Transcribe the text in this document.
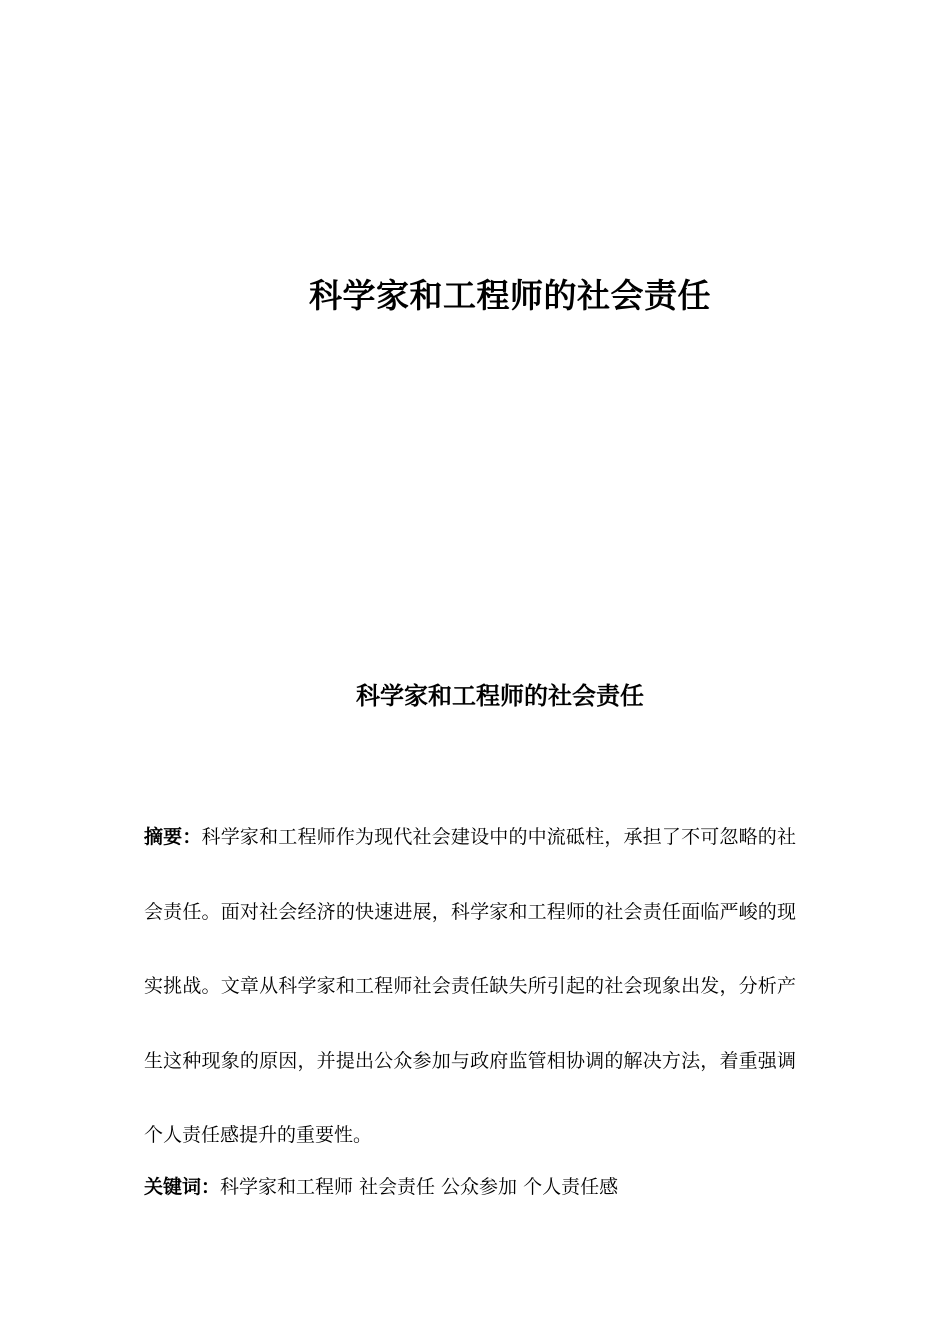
科学家和工程师的社会责任
科学家和工程师的社会责任
摘要：科学家和工程师作为现代社会建设中的中流砥柱，承担了不可忽略的社会责任。面对社会经济的快速进展，科学家和工程师的社会责任面临严峻的现实挑战。文章从科学家和工程师社会责任缺失所引起的社会现象出发，分析产生这种现象的原因，并提出公众参加与政府监管相协调的解决方法，着重强调个人责任感提升的重要性。
关键词：科学家和工程师 社会责任 公众参加 个人责任感
